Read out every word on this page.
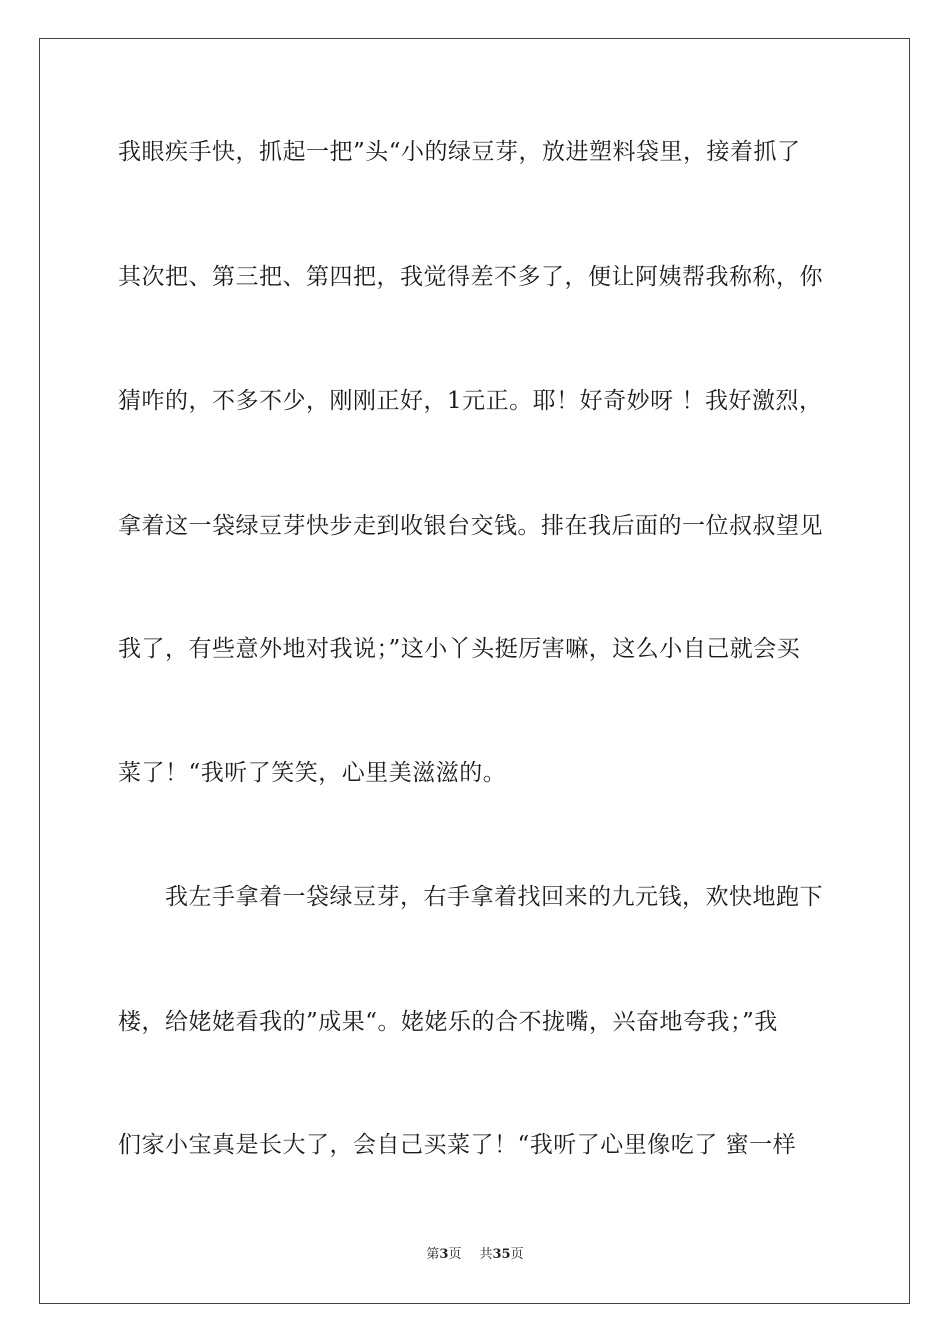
我眼疾手快，抓起一把”头“小的绿豆芽，放进塑料袋里，接着抓了
其次把、第三把、第四把，我觉得差不多了，便让阿姨帮我称称，你
猜咋的，不多不少，刚刚正好，1元正。耶！好奇妙呀 ！我好激烈，
拿着这一袋绿豆芽快步走到收银台交钱。排在我后面的一位叔叔望见
我了，有些意外地对我说；”这小丫头挺厉害嘛，这么小自己就会买
菜了！“我听了笑笑，心里美滋滋的。
我左手拿着一袋绿豆芽，右手拿着找回来的九元钱，欢快地跑下
楼，给姥姥看我的”成果“。姥姥乐的合不拢嘴，兴奋地夸我；”我
们家小宝真是长大了，会自己买菜了！“我听了心里像吃了 蜜一样
第3页 共35页
